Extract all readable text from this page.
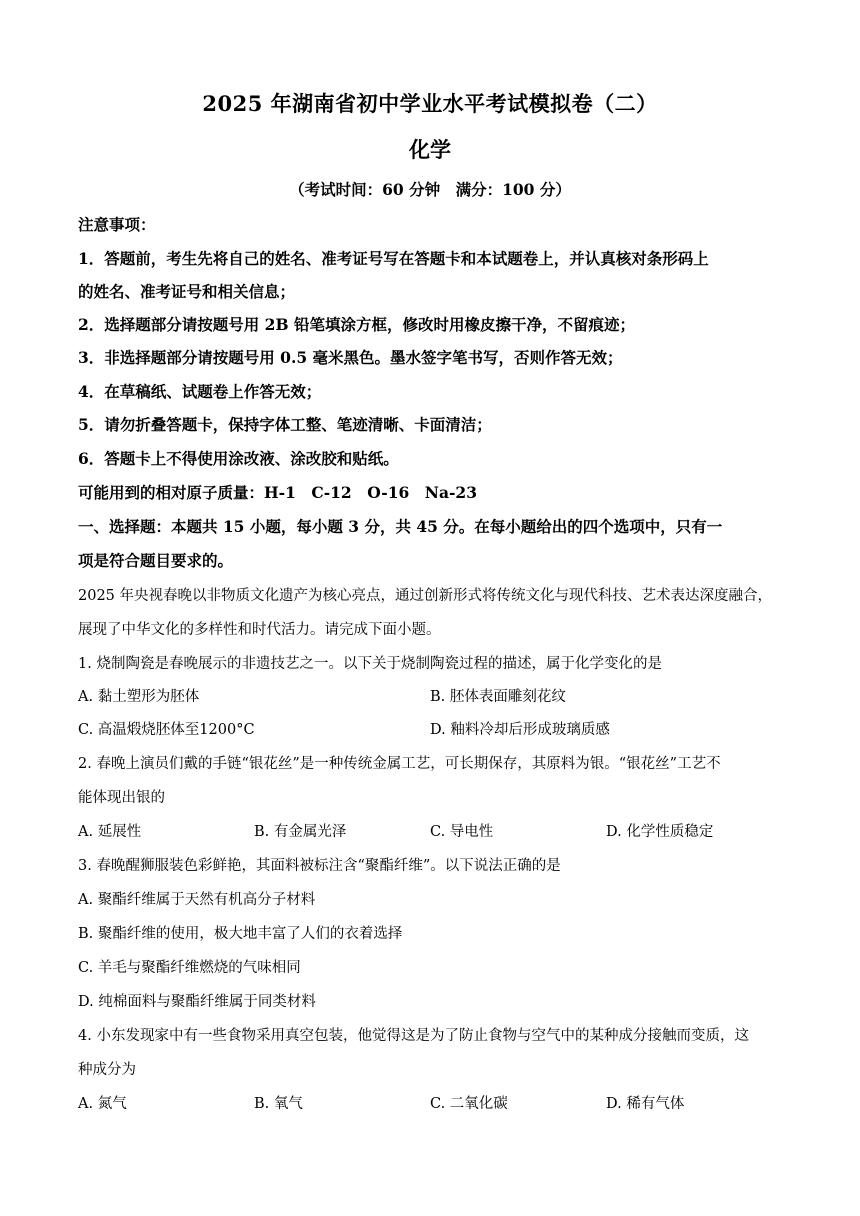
2025 年湖南省初中学业水平考试模拟卷（二）
化学
（考试时间：60 分钟　满分：100 分）
注意事项：
1．答题前，考生先将自己的姓名、准考证号写在答题卡和本试题卷上，并认真核对条形码上
的姓名、准考证号和相关信息；
2．选择题部分请按题号用 2B 铅笔填涂方框，修改时用橡皮擦干净，不留痕迹；
3．非选择题部分请按题号用 0.5 毫米黑色。墨水签字笔书写，否则作答无效；
4．在草稿纸、试题卷上作答无效；
5．请勿折叠答题卡，保持字体工整、笔迹清晰、卡面清洁；
6．答题卡上不得使用涂改液、涂改胶和贴纸。
可能用到的相对原子质量：H-1　C-12　O-16　Na-23
一、选择题：本题共 15 小题，每小题 3 分，共 45 分。在每小题给出的四个选项中，只有一
项是符合题目要求的。
2025 年央视春晚以非物质文化遗产为核心亮点，通过创新形式将传统文化与现代科技、艺术表达深度融合，
展现了中华文化的多样性和时代活力。请完成下面小题。
1. 烧制陶瓷是春晚展示的非遗技艺之一。以下关于烧制陶瓷过程的描述，属于化学变化的是
A. 黏土塑形为胚体	B. 胚体表面雕刻花纹
C. 高温煅烧胚体至1200°C	D. 釉料冷却后形成玻璃质感
2. 春晚上演员们戴的手链“银花丝”是一种传统金属工艺，可长期保存，其原料为银。“银花丝”工艺不
能体现出银的
A. 延展性	B. 有金属光泽	C. 导电性	D. 化学性质稳定
3. 春晚醒狮服装色彩鲜艳，其面料被标注含“聚酯纤维”。以下说法正确的是
A. 聚酯纤维属于天然有机高分子材料
B. 聚酯纤维的使用，极大地丰富了人们的衣着选择
C. 羊毛与聚酯纤维燃烧的气味相同
D. 纯棉面料与聚酯纤维属于同类材料
4. 小东发现家中有一些食物采用真空包装，他觉得这是为了防止食物与空气中的某种成分接触而变质，这
种成分为
A. 氮气	B. 氧气	C. 二氧化碳	D. 稀有气体
